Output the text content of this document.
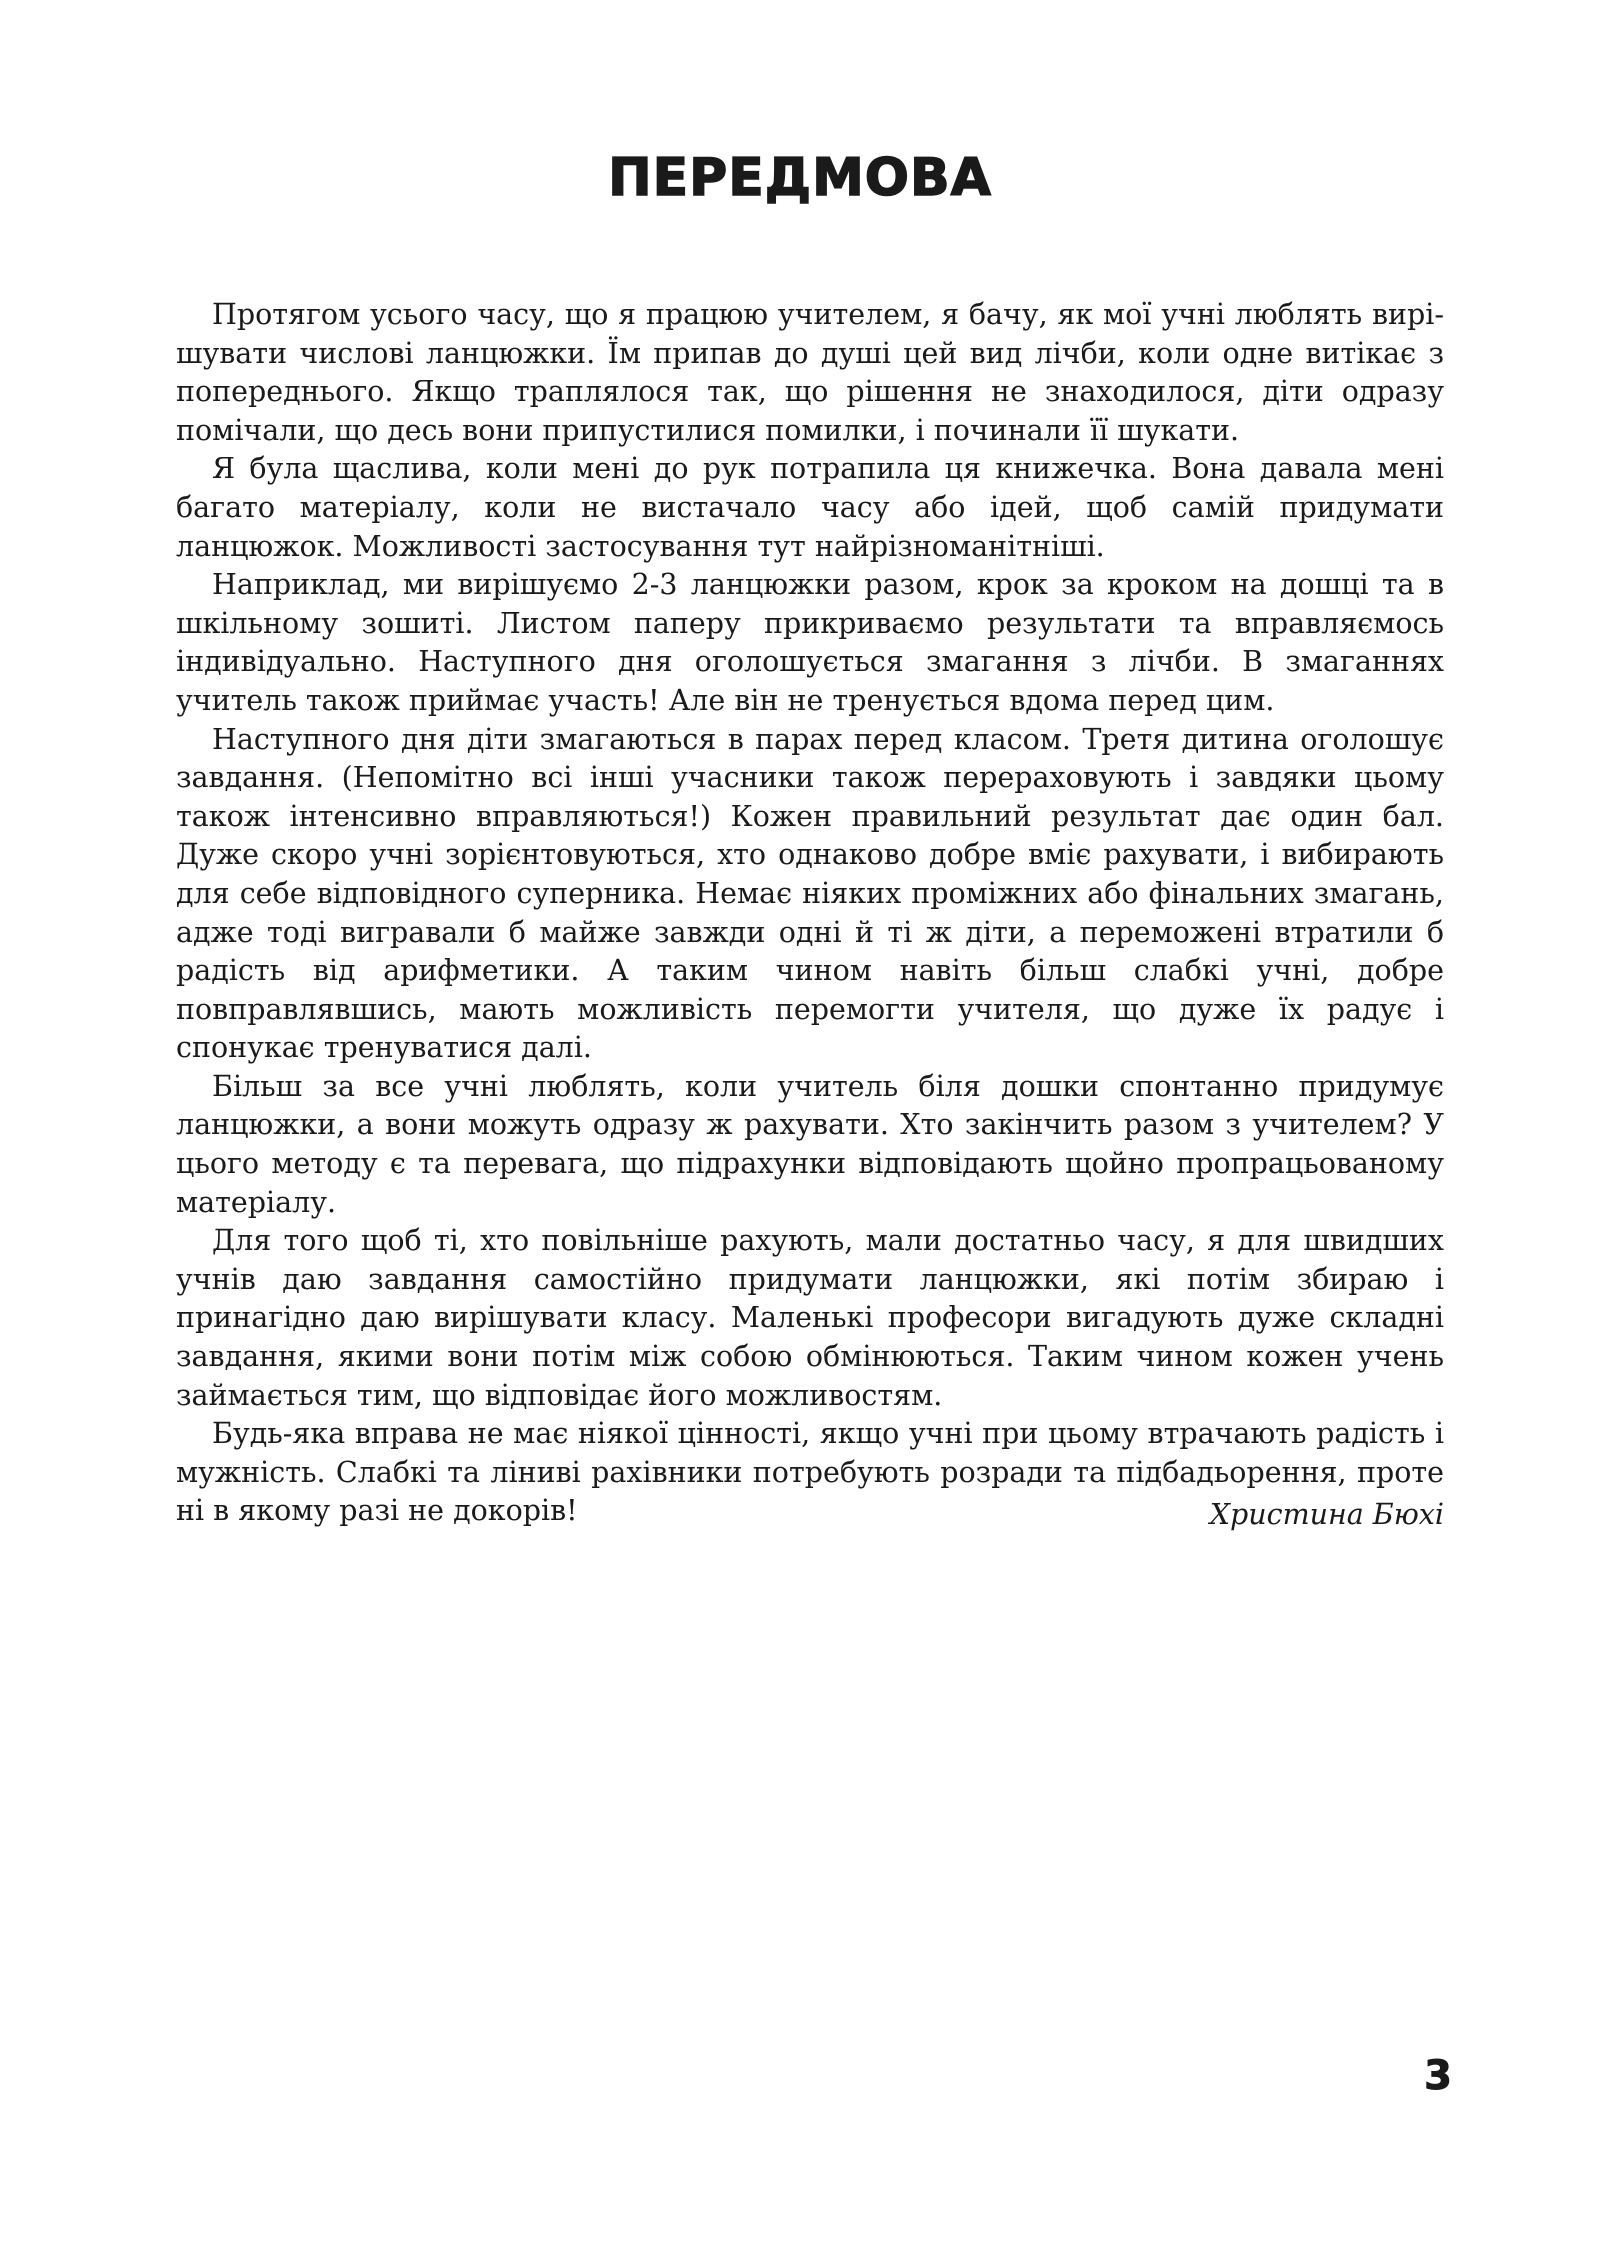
ПЕРЕДМОВА

Протягом усього часу, що я працюю учителем, я бачу, як мої учні люблять вирішувати числові ланцюжки. Їм припав до душі цей вид лічби, коли одне витікає з попереднього. Якщо траплялося так, що рішення не знаходилося, діти одразу помічали, що десь вони припустилися помилки, і починали її шукати.

Я була щаслива, коли мені до рук потрапила ця книжечка. Вона давала мені багато матеріалу, коли не вистачало часу або ідей, щоб самій придумати ланцюжок. Можливості застосування тут найрізноманітніші.

Наприклад, ми вирішуємо 2-3 ланцюжки разом, крок за кроком на дошці та в шкільному зошиті. Листом паперу прикриваємо результати та вправляємось індивідуально. Наступного дня оголошується змагання з лічби. В змаганнях учитель також приймає участь! Але він не тренується вдома перед цим.

Наступного дня діти змагаються в парах перед класом. Третя дитина оголошує завдання. (Непомітно всі інші учасники також перераховують і завдяки цьому також інтенсивно вправляються!) Кожен правильний результат дає один бал. Дуже скоро учні зорієнтовуються, хто однаково добре вміє рахувати, і вибирають для себе відповідного суперника. Немає ніяких проміжних або фінальних змагань, адже тоді вигравали б майже завжди одні й ті ж діти, а переможені втратили б радість від арифметики. А таким чином навіть більш слабкі учні, добре повправлявшись, мають можливість перемогти учителя, що дуже їх радує і спонукає тренуватися далі.

Більш за все учні люблять, коли учитель біля дошки спонтанно придумує ланцюжки, а вони можуть одразу ж рахувати. Хто закінчить разом з учителем? У цього методу є та перевага, що підрахунки відповідають щойно пропрацьованому матеріалу.

Для того щоб ті, хто повільніше рахують, мали достатньо часу, я для швидших учнів даю завдання самостійно придумати ланцюжки, які потім збираю і принагідно даю вирішувати класу. Маленькі професори вигадують дуже складні завдання, якими вони потім між собою обмінюються. Таким чином кожен учень займається тим, що відповідає його можливостям.

Будь-яка вправа не має ніякої цінності, якщо учні при цьому втрачають радість і мужність. Слабкі та ліниві рахівники потребують розради та підбадьорення, проте ні в якому разі не докорів!	Христина Бюхі
3
